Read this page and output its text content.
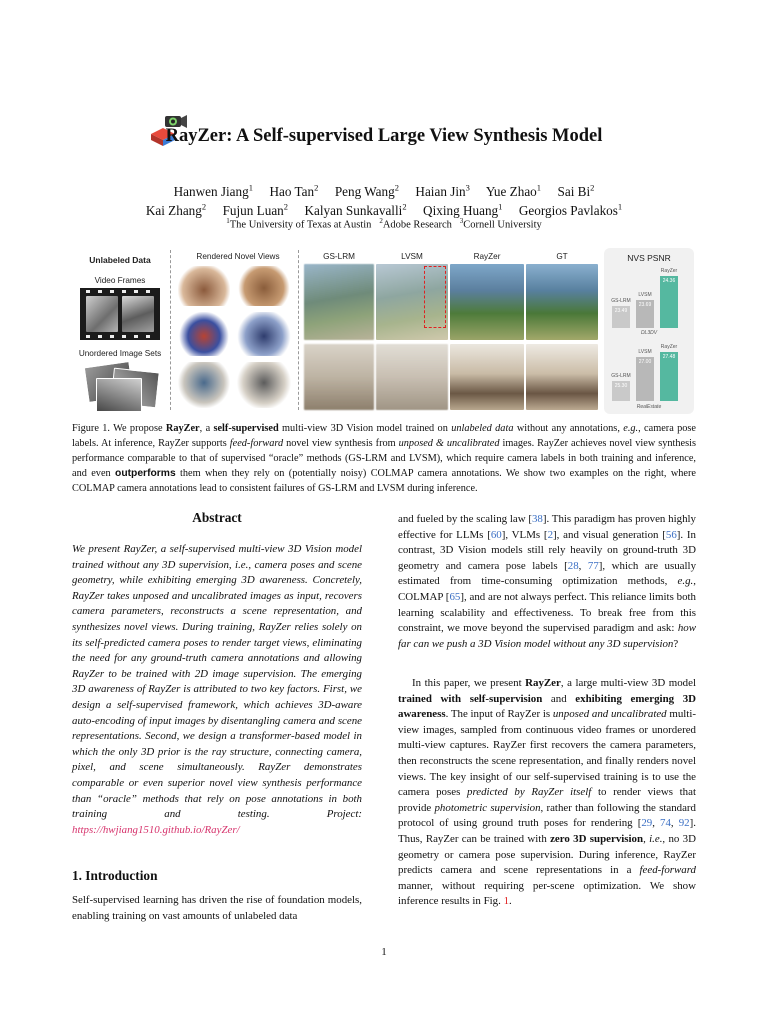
RayZer: A Self-supervised Large View Synthesis Model
Hanwen Jiang$^1$ Hao Tan$^2$ Peng Wang$^2$ Haian Jin$^3$ Yue Zhao$^1$ Sai Bi$^2$
Kai Zhang$^2$ Fujun Luan$^2$ Kalyan Sunkavalli$^2$ Qixing Huang$^1$ Georgios Pavlakos$^1$
$^1$The University of Texas at Austin $^2$Adobe Research $^3$Cornell University
Unlabeled Data
Video Frames
Unordered Image Sets
Rendered Novel Views	GS-LRM	LVSM	RayZer	GT	NVS PSNR
GS-LRM
23.49
LVSM
23.69
RayZer
24.36
DL3DV
GS-LRM
25.30
LVSM
27.00
RayZer
27.48
RealEstate
Figure 1. We propose RayZer, a self-supervised multi-view 3D Vision model trained on unlabeled data without any annotations, e.g., camera pose labels. At inference, RayZer supports feed-forward novel view synthesis from unposed & uncalibrated images. RayZer achieves novel view synthesis performance comparable to that of supervised “oracle” methods (GS-LRM and LVSM), which require camera labels in both training and inference, and even outperforms them when they rely on (potentially noisy) COLMAP camera annotations. We show two examples on the right, where COLMAP camera annotations lead to consistent failures of GS-LRM and LVSM during inference.
Abstract
We present RayZer, a self-supervised multi-view 3D Vision model trained without any 3D supervision, i.e., camera poses and scene geometry, while exhibiting emerging 3D awareness. Concretely, RayZer takes unposed and uncalibrated images as input, recovers camera parameters, reconstructs a scene representation, and synthesizes novel views. During training, RayZer relies solely on its self-predicted camera poses to render target views, eliminating the need for any ground-truth camera annotations and allowing RayZer to be trained with 2D image supervision. The emerging 3D awareness of RayZer is attributed to two key factors. First, we design a self-supervised framework, which achieves 3D-aware auto-encoding of input images by disentangling camera and scene representations. Second, we design a transformer-based model in which the only 3D prior is the ray structure, connecting camera, pixel, and scene simultaneously. RayZer demonstrates comparable or even superior novel view synthesis performance than “oracle” methods that rely on pose annotations in both training and testing. Project: https://hwjiang1510.github.io/RayZer/
1. Introduction
Self-supervised learning has driven the rise of foundation models, enabling training on vast amounts of unlabeled data
and fueled by the scaling law [38]. This paradigm has proven highly effective for LLMs [60], VLMs [2], and visual generation [56]. In contrast, 3D Vision models still rely heavily on ground-truth 3D geometry and camera pose labels [28, 77], which are usually estimated from time-consuming optimization methods, e.g., COLMAP [65], and are not always perfect. This reliance limits both learning scalability and effectiveness. To break free from this constraint, we move beyond the supervised paradigm and ask: how far can we push a 3D Vision model without any 3D supervision?
In this paper, we present RayZer, a large multi-view 3D model trained with self-supervision and exhibiting emerging 3D awareness. The input of RayZer is unposed and uncalibrated multi-view images, sampled from continuous video frames or unordered multi-view captures. RayZer first recovers the camera parameters, then reconstructs the scene representation, and finally renders novel views. The key insight of our self-supervised training is to use the camera poses predicted by RayZer itself to render views that provide photometric supervision, rather than following the standard protocol of using ground truth poses for rendering [29, 74, 92]. Thus, RayZer can be trained with zero 3D supervision, i.e., no 3D geometry or camera pose supervision. During inference, RayZer predicts camera and scene representations in a feed-forward manner, without requiring per-scene optimization. We show inference results in Fig. 1.
1
